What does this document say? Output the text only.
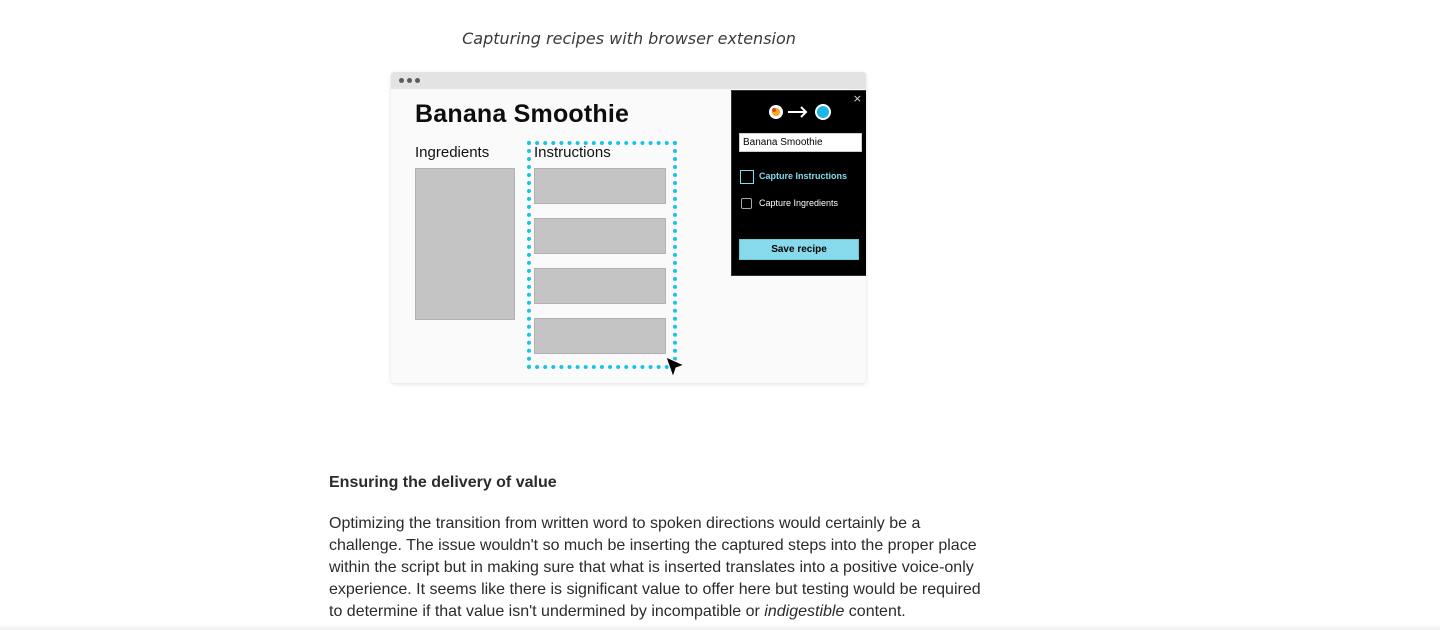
Capturing recipes with browser extension
Banana Smoothie
Ingredients	Instructions
×
Banana Smoothie
Capture Instructions
Capture Ingredients
Save recipe
Ensuring the delivery of value
Optimizing the transition from written word to spoken directions would certainly be a
challenge. The issue wouldn't so much be inserting the captured steps into the proper place
within the script but in making sure that what is inserted translates into a positive voice-only
experience. It seems like there is significant value to offer here but testing would be required
to determine if that value isn't undermined by incompatible or indigestible content.
